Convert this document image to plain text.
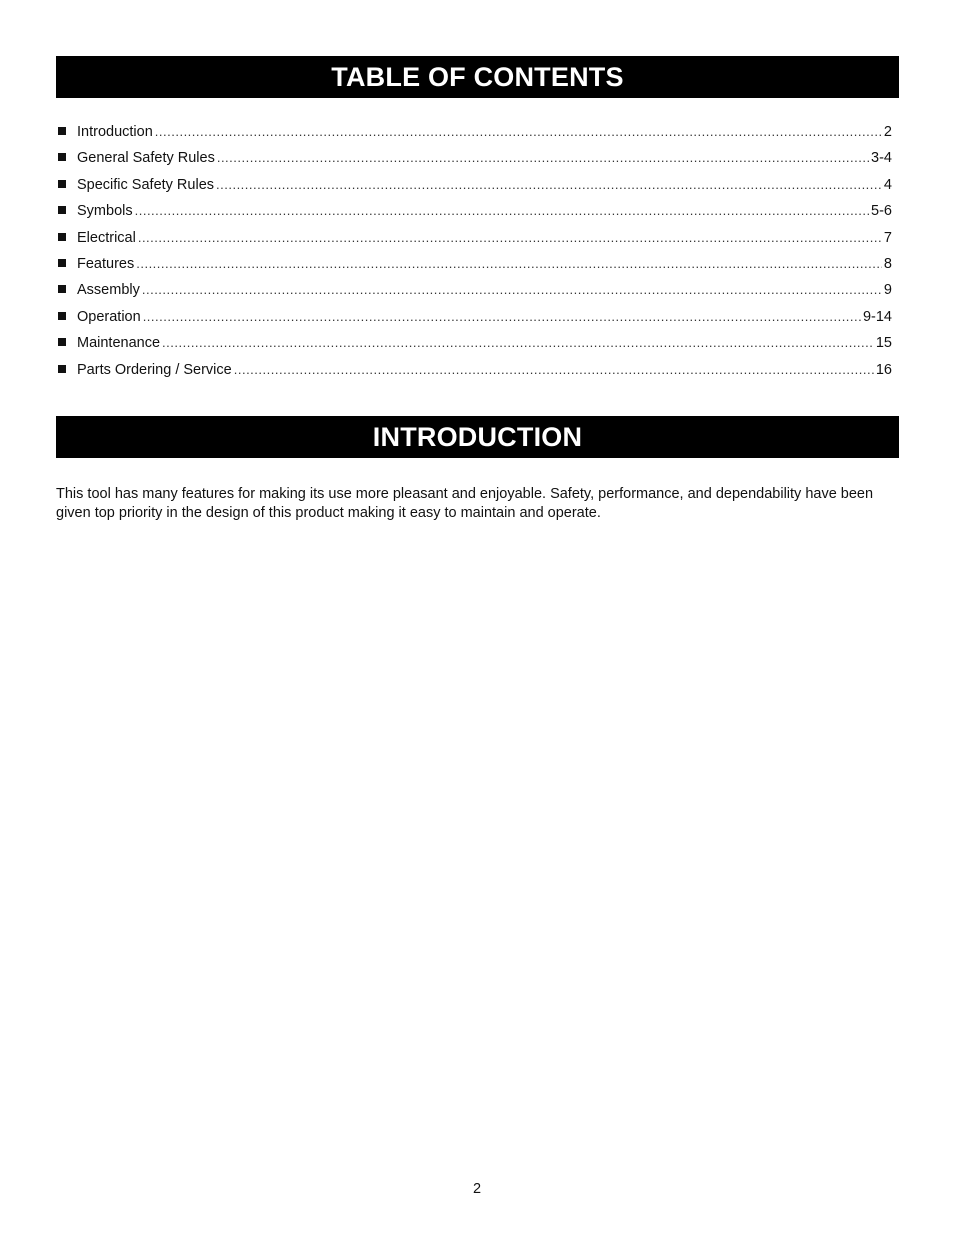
TABLE OF CONTENTS
Introduction .....	2
General Safety Rules .....	3-4
Specific Safety Rules .....	4
Symbols .....	5-6
Electrical .....	7
Features .....	8
Assembly .....	9
Operation .....	9-14
Maintenance .....	15
Parts Ordering / Service .....	16
INTRODUCTION

This tool has many features for making its use more pleasant and enjoyable. Safety, performance, and dependability have been given top priority in the design of this product making it easy to maintain and operate.

2
